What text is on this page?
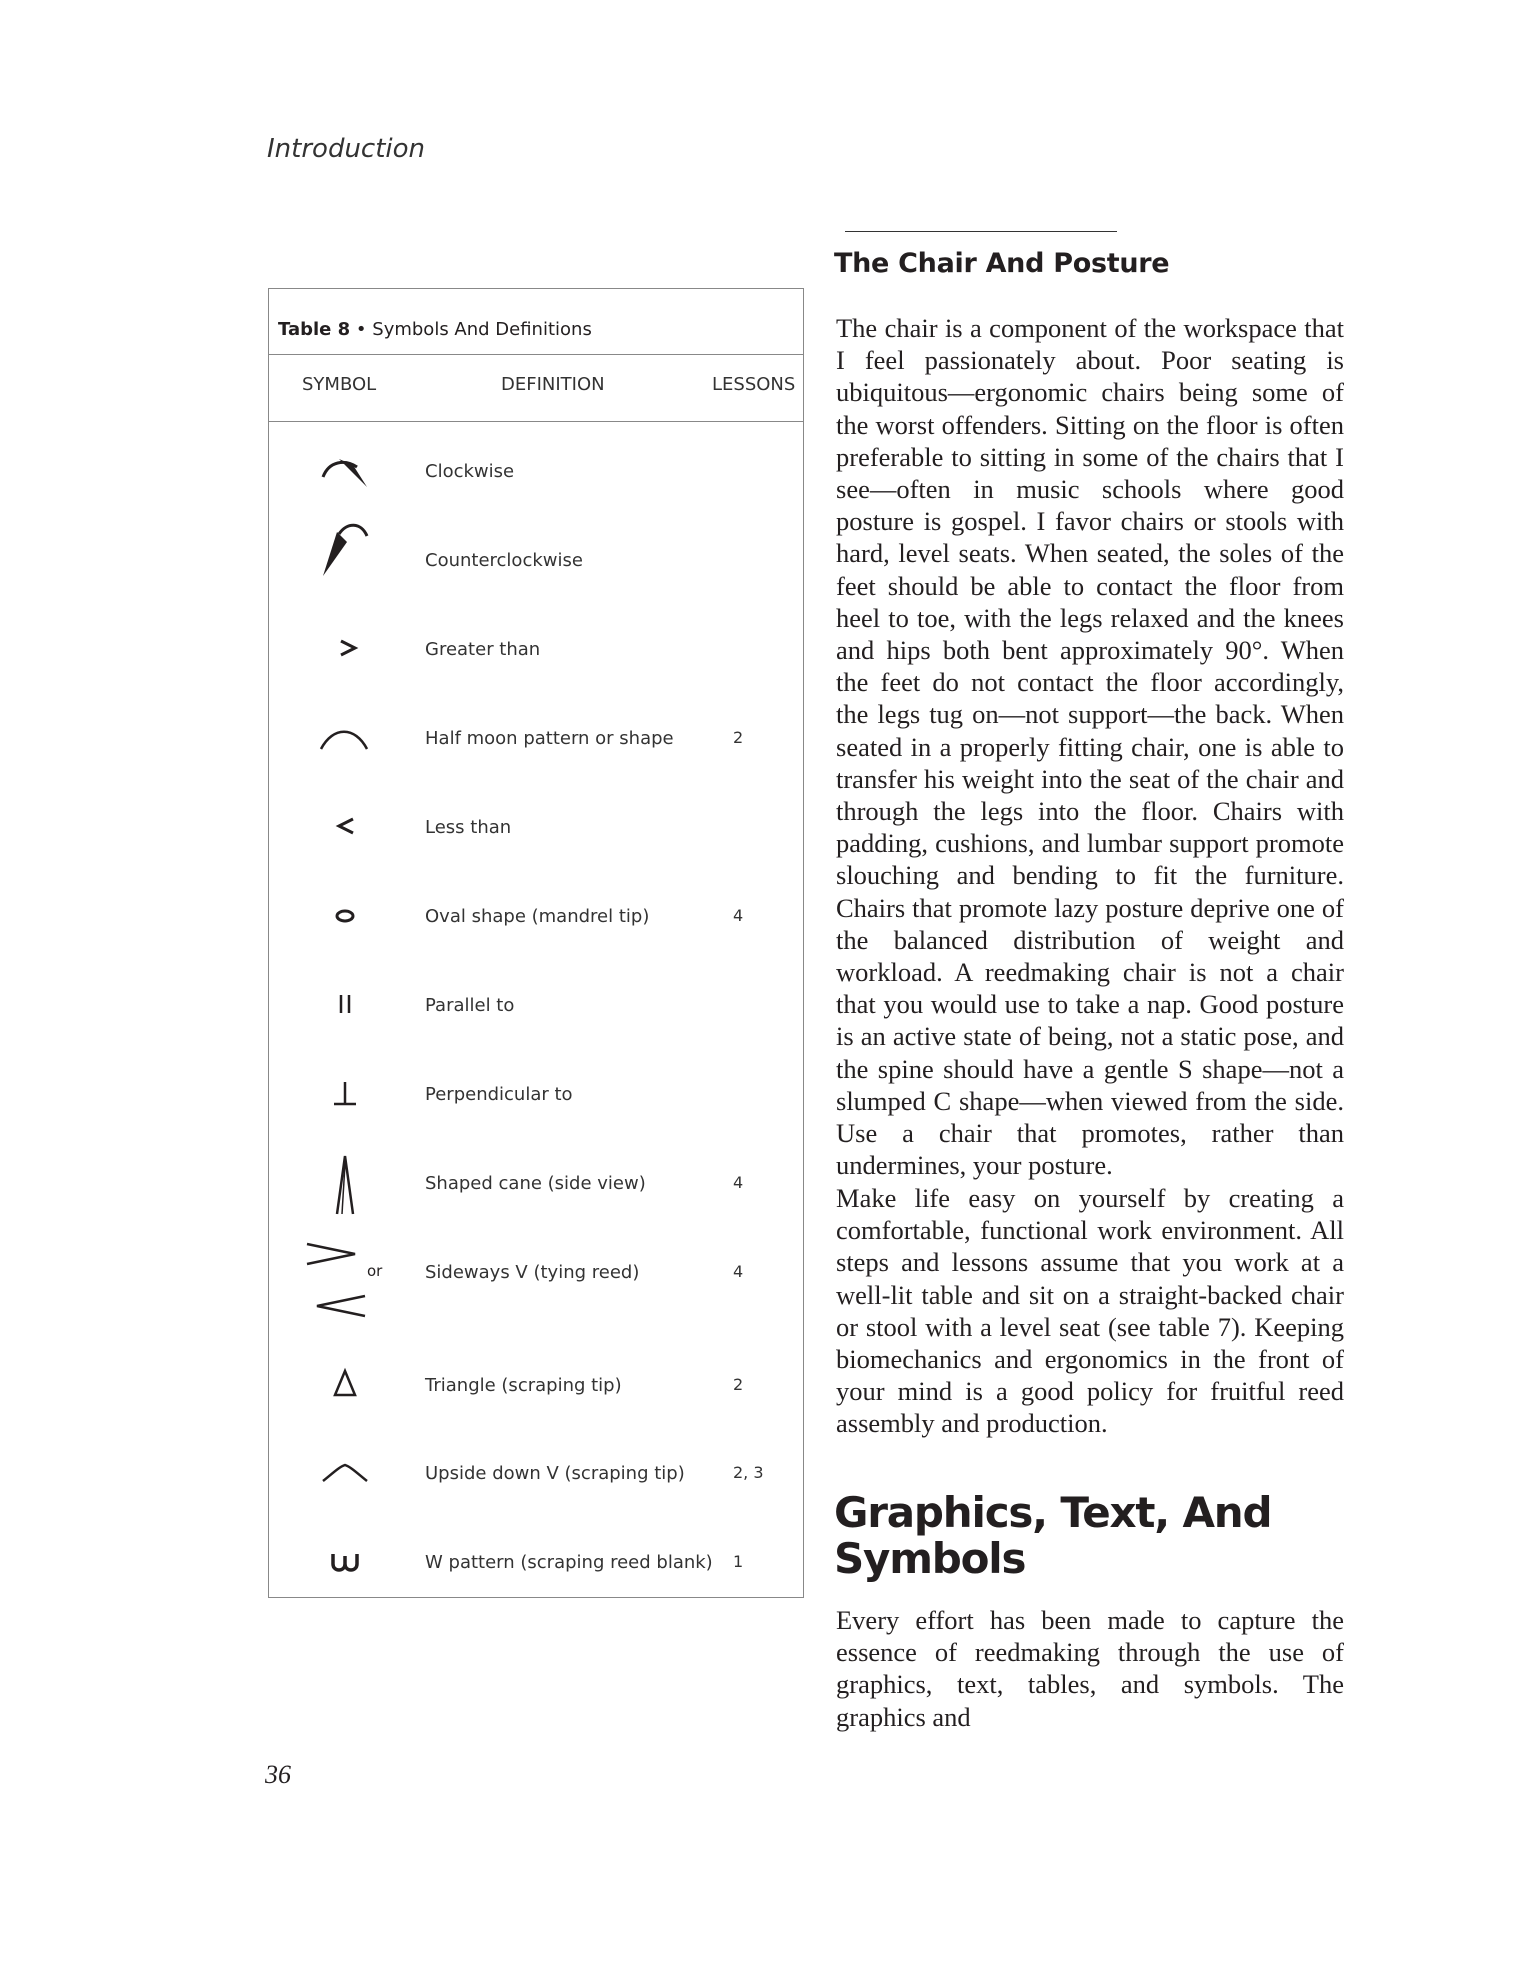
Introduction
Table 8 • Symbols And Definitions
SYMBOL	DEFINITION	LESSONS
Clockwise
Counterclockwise
Greater than
Half moon pattern or shape	2
Less than
Oval shape (mandrel tip)	4
Parallel to
Perpendicular to
Shaped cane (side view)	4
or Sideways V (tying reed)	4
Triangle (scraping tip)	2
Upside down V (scraping tip)	2, 3
W pattern (scraping reed blank) 1
The Chair And Posture

The chair is a component of the workspace that I feel passionately about. Poor seating is ubiquitous—ergonomic chairs being some of the worst offenders. Sitting on the floor is often preferable to sitting in some of the chairs that I see—often in music schools where good posture is gospel. I favor chairs or stools with hard, level seats. When seated, the soles of the feet should be able to contact the floor from heel to toe, with the legs relaxed and the knees and hips both bent approximately 90°. When the feet do not contact the floor accordingly, the legs tug on—not support—the back. When seated in a properly fitting chair, one is able to transfer his weight into the seat of the chair and through the legs into the floor. Chairs with padding, cushions, and lumbar support promote slouching and bending to fit the furniture. Chairs that promote lazy posture deprive one of the balanced distribution of weight and workload. A reedmaking chair is not a chair that you would use to take a nap. Good posture is an active state of being, not a static pose, and the spine should have a gentle S shape—not a slumped C shape—when viewed from the side. Use a chair that promotes, rather than undermines, your posture.

Make life easy on yourself by creating a comfortable, functional work environment. All steps and lessons assume that you work at a well-lit table and sit on a straight-backed chair or stool with a level seat (see table 7). Keeping biomechanics and ergonomics in the front of your mind is a good policy for fruitful reed assembly and production.

Graphics, Text, And Symbols

Every effort has been made to capture the essence of reedmaking through the use of graphics, text, tables, and symbols. The graphics and

36
